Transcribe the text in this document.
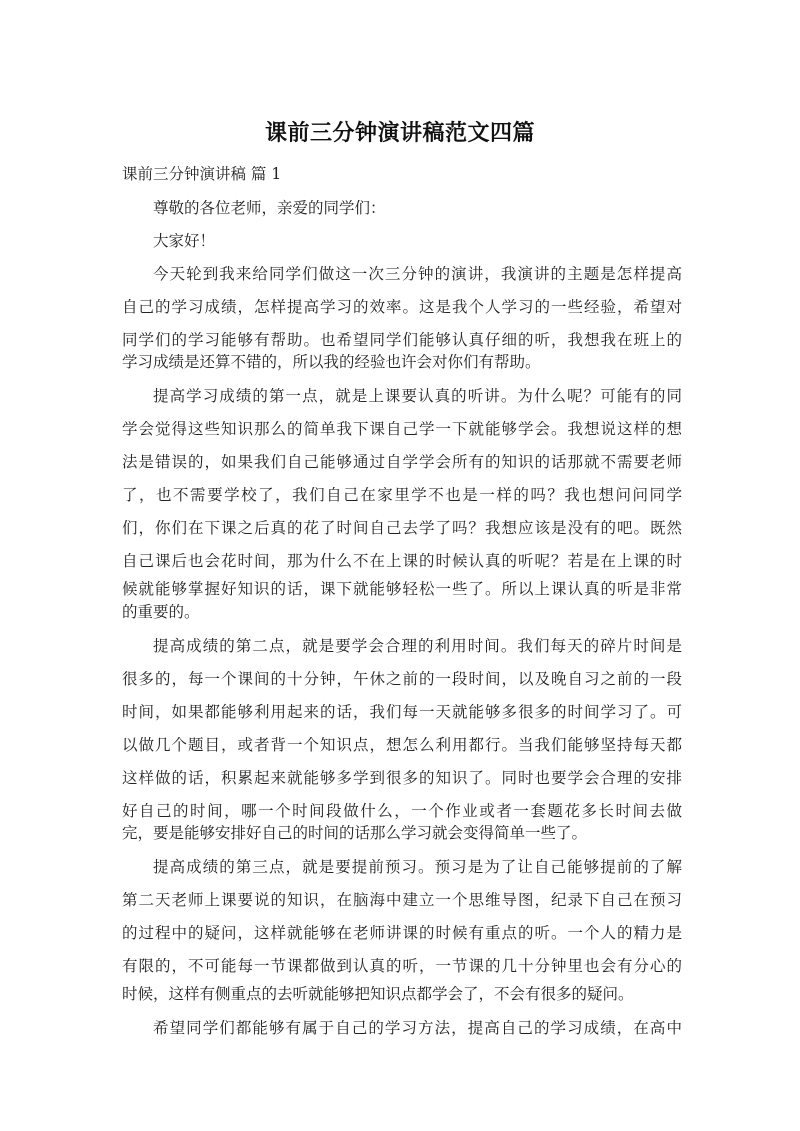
课前三分钟演讲稿范文四篇
课前三分钟演讲稿 篇 1
尊敬的各位老师，亲爱的同学们：
大家好！
今天轮到我来给同学们做这一次三分钟的演讲，我演讲的主题是怎样提高
自己的学习成绩，怎样提高学习的效率。这是我个人学习的一些经验，希望对
同学们的学习能够有帮助。也希望同学们能够认真仔细的听，我想我在班上的
学习成绩是还算不错的，所以我的经验也许会对你们有帮助。
提高学习成绩的第一点，就是上课要认真的听讲。为什么呢？可能有的同
学会觉得这些知识那么的简单我下课自己学一下就能够学会。我想说这样的想
法是错误的，如果我们自己能够通过自学学会所有的知识的话那就不需要老师
了，也不需要学校了，我们自己在家里学不也是一样的吗？我也想问问同学
们，你们在下课之后真的花了时间自己去学了吗？我想应该是没有的吧。既然
自己课后也会花时间，那为什么不在上课的时候认真的听呢？若是在上课的时
候就能够掌握好知识的话，课下就能够轻松一些了。所以上课认真的听是非常
的重要的。
提高成绩的第二点，就是要学会合理的利用时间。我们每天的碎片时间是
很多的，每一个课间的十分钟，午休之前的一段时间，以及晚自习之前的一段
时间，如果都能够利用起来的话，我们每一天就能够多很多的时间学习了。可
以做几个题目，或者背一个知识点，想怎么利用都行。当我们能够坚持每天都
这样做的话，积累起来就能够多学到很多的知识了。同时也要学会合理的安排
好自己的时间，哪一个时间段做什么，一个作业或者一套题花多长时间去做
完，要是能够安排好自己的时间的话那么学习就会变得简单一些了。
提高成绩的第三点，就是要提前预习。预习是为了让自己能够提前的了解
第二天老师上课要说的知识，在脑海中建立一个思维导图，纪录下自己在预习
的过程中的疑问，这样就能够在老师讲课的时候有重点的听。一个人的精力是
有限的，不可能每一节课都做到认真的听，一节课的几十分钟里也会有分心的
时候，这样有侧重点的去听就能够把知识点都学会了，不会有很多的疑问。
希望同学们都能够有属于自己的学习方法，提高自己的学习成绩，在高中
